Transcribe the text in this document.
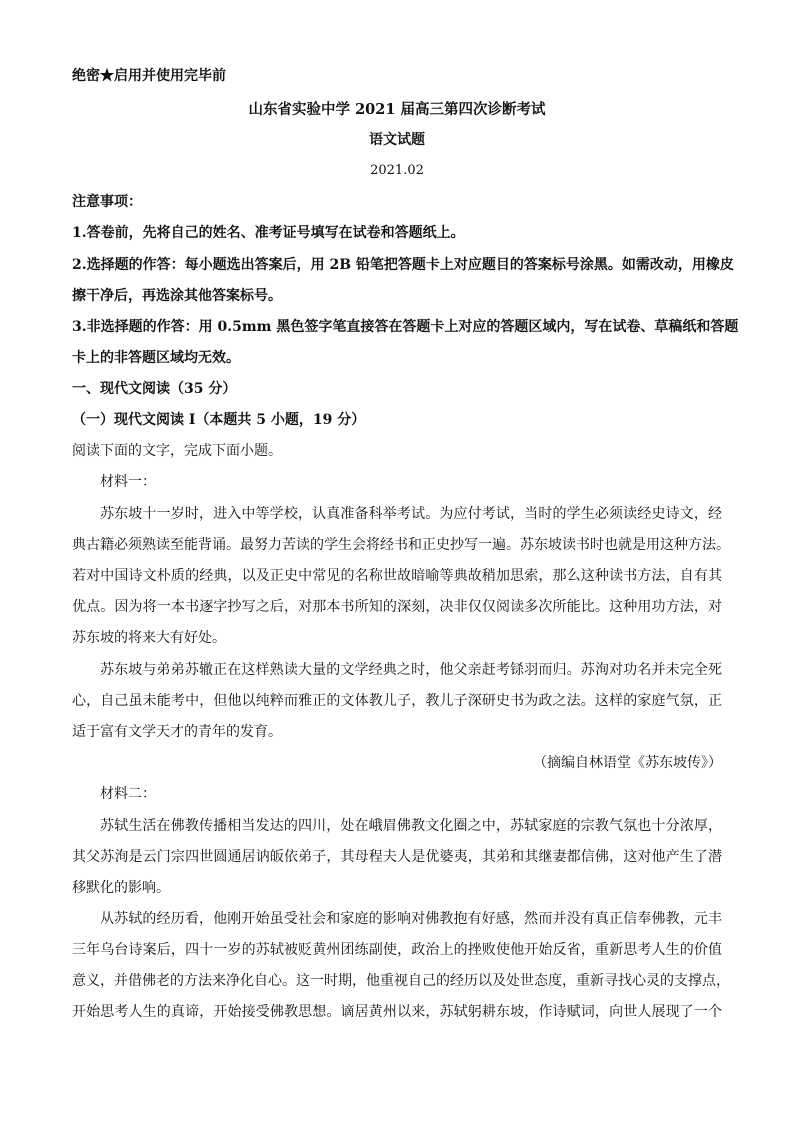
绝密★启用并使用完毕前
山东省实验中学 2021 届高三第四次诊断考试
语文试题
2021.02
注意事项：
1.答卷前，先将自己的姓名、准考证号填写在试卷和答题纸上。
2.选择题的作答：每小题选出答案后，用 2B 铅笔把答题卡上对应题目的答案标号涂黑。如需改动，用橡皮
擦干净后，再选涂其他答案标号。
3.非选择题的作答：用 0.5mm 黑色签字笔直接答在答题卡上对应的答题区域内，写在试卷、草稿纸和答题
卡上的非答题区域均无效。
一、现代文阅读（35 分）
（一）现代文阅读 I（本题共 5 小题，19 分）
阅读下面的文字，完成下面小题。
材料一：
苏东坡十一岁时，进入中等学校，认真准备科举考试。为应付考试，当时的学生必须读经史诗文，经
典古籍必须熟读至能背诵。最努力苦读的学生会将经书和正史抄写一遍。苏东坡读书时也就是用这种方法。
若对中国诗文朴质的经典，以及正史中常见的名称世故暗喻等典故稍加思索，那么这种读书方法，自有其
优点。因为将一本书逐字抄写之后，对那本书所知的深刻，决非仅仅阅读多次所能比。这种用功方法，对
苏东坡的将来大有好处。
苏东坡与弟弟苏辙正在这样熟读大量的文学经典之时，他父亲赶考铩羽而归。苏洵对功名并未完全死
心，自己虽未能考中，但他以纯粹而雅正的文体教儿子，教儿子深研史书为政之法。这样的家庭气氛，正
适于富有文学天才的青年的发育。
（摘编自林语堂《苏东坡传》）
材料二：
苏轼生活在佛教传播相当发达的四川，处在峨眉佛教文化圈之中，苏轼家庭的宗教气氛也十分浓厚，
其父苏洵是云门宗四世圆通居讷皈依弟子，其母程夫人是优婆夷，其弟和其继妻都信佛，这对他产生了潜
移默化的影响。
从苏轼的经历看，他刚开始虽受社会和家庭的影响对佛教抱有好感，然而并没有真正信奉佛教，元丰
三年乌台诗案后，四十一岁的苏轼被贬黄州团练副使，政治上的挫败使他开始反省，重新思考人生的价值
意义，并借佛老的方法来净化自心。这一时期，他重视自己的经历以及处世态度，重新寻找心灵的支撑点，
开始思考人生的真谛，开始接受佛教思想。谪居黄州以来，苏轼躬耕东坡，作诗赋词，向世人展现了一个
